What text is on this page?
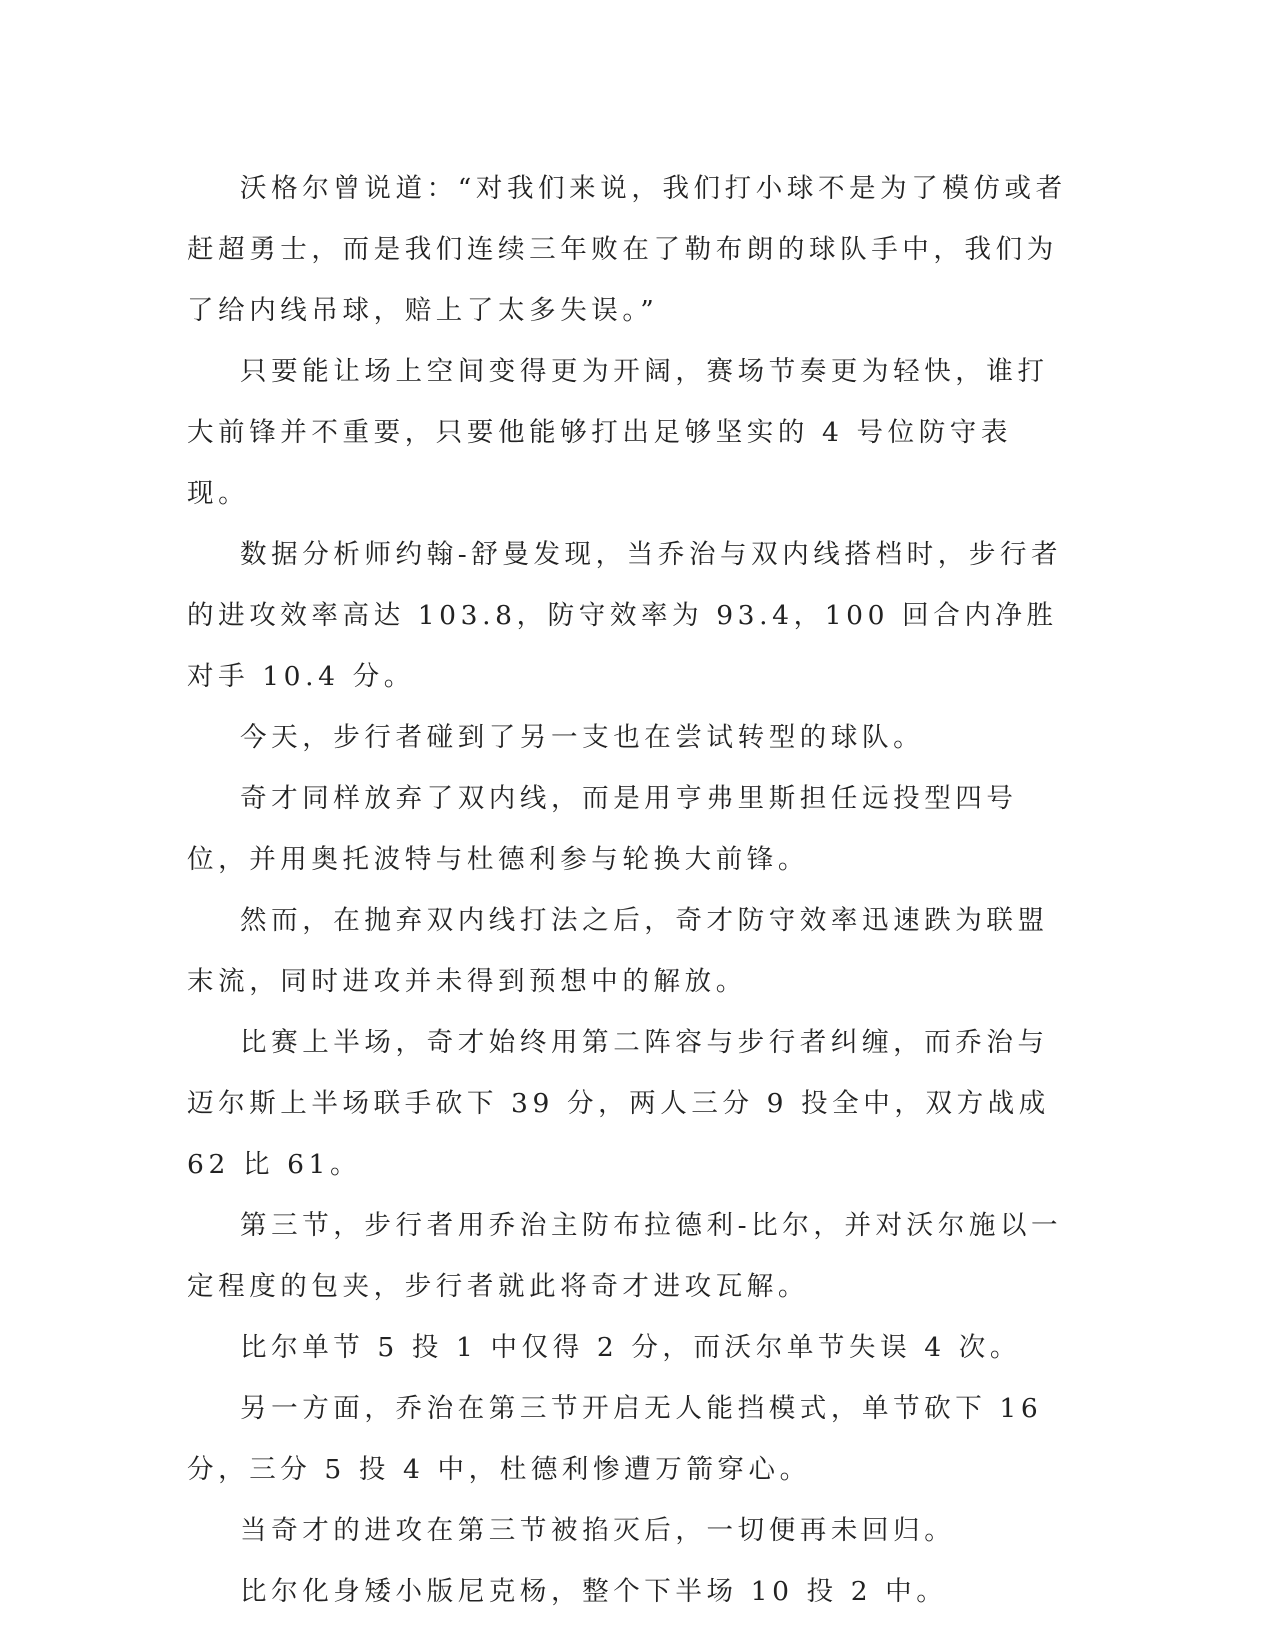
沃格尔曾说道：“对我们来说，我们打小球不是为了模仿或者赶超勇士，而是我们连续三年败在了勒布朗的球队手中，我们为了给内线吊球，赔上了太多失误。”

只要能让场上空间变得更为开阔，赛场节奏更为轻快，谁打大前锋并不重要，只要他能够打出足够坚实的 4 号位防守表现。

数据分析师约翰-舒曼发现，当乔治与双内线搭档时，步行者的进攻效率高达 103.8，防守效率为 93.4，100 回合内净胜对手 10.4 分。

今天，步行者碰到了另一支也在尝试转型的球队。

奇才同样放弃了双内线，而是用亨弗里斯担任远投型四号位，并用奥托波特与杜德利参与轮换大前锋。

然而，在抛弃双内线打法之后，奇才防守效率迅速跌为联盟末流，同时进攻并未得到预想中的解放。

比赛上半场，奇才始终用第二阵容与步行者纠缠，而乔治与迈尔斯上半场联手砍下 39 分，两人三分 9 投全中，双方战成 62 比 61。

第三节，步行者用乔治主防布拉德利-比尔，并对沃尔施以一定程度的包夹，步行者就此将奇才进攻瓦解。

比尔单节 5 投 1 中仅得 2 分，而沃尔单节失误 4 次。

另一方面，乔治在第三节开启无人能挡模式，单节砍下 16 分，三分 5 投 4 中，杜德利惨遭万箭穿心。

当奇才的进攻在第三节被掐灭后，一切便再未回归。

比尔化身矮小版尼克杨，整个下半场 10 投 2 中。
